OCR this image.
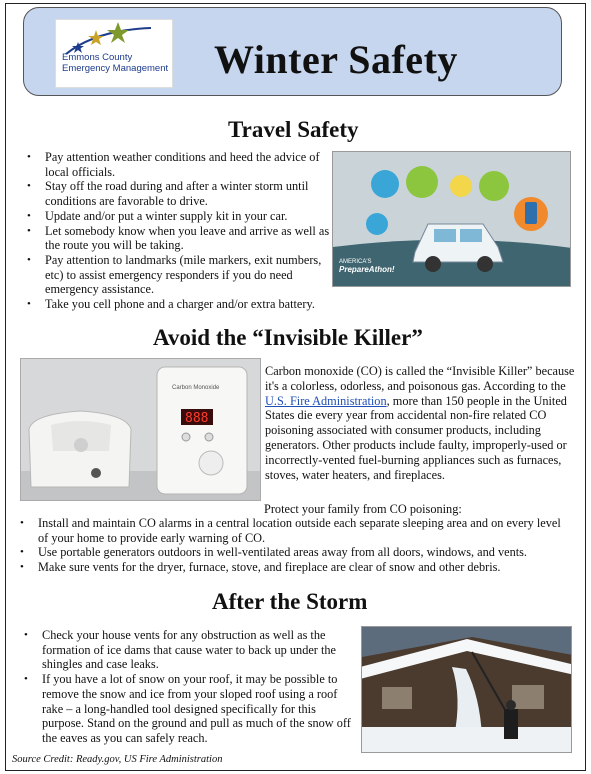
Emmons County
Emergency Management Winter Safety
Travel Safety
• Pay attention weather conditions and heed the advice of local officials.
• Stay off the road during and after a winter storm until conditions are favorable to drive.
• Update and/or put a winter supply kit in your car.
• Let somebody know when you leave and arrive as well as the route you will be taking.
• Pay attention to landmarks (mile markers, exit numbers, etc) to assist emergency responders if you do need emergency assistance.
• Take you cell phone and a charger and/or extra battery.
AMERICA'S
PrepareAthon!
Avoid the “Invisible Killer”
888
Carbon Monoxide
Carbon monoxide (CO) is called the “Invisible Killer” because it's a colorless, odorless, and poisonous gas. According to the U.S. Fire Administration, more than 150 people in the United States die every year from accidental non-fire related CO poisoning associated with consumer products, including generators. Other products include faulty, improperly-used or incorrectly-vented fuel-burning appliances such as furnaces, stoves, water heaters, and fireplaces.
Protect your family from CO poisoning:
• Install and maintain CO alarms in a central location outside each separate sleeping area and on every level of your home to provide early warning of CO.
• Use portable generators outdoors in well-ventilated areas away from all doors, windows, and vents.
• Make sure vents for the dryer, furnace, stove, and fireplace are clear of snow and other debris.
After the Storm
• Check your house vents for any obstruction as well as the formation of ice dams that cause water to back up under the shingles and case leaks.
• If you have a lot of snow on your roof, it may be possible to remove the snow and ice from your sloped roof using a roof rake – a long-handled tool designed specifically for this purpose. Stand on the ground and pull as much of the snow off the eaves as you can safely reach.
Source Credit: Ready.gov, US Fire Administration
